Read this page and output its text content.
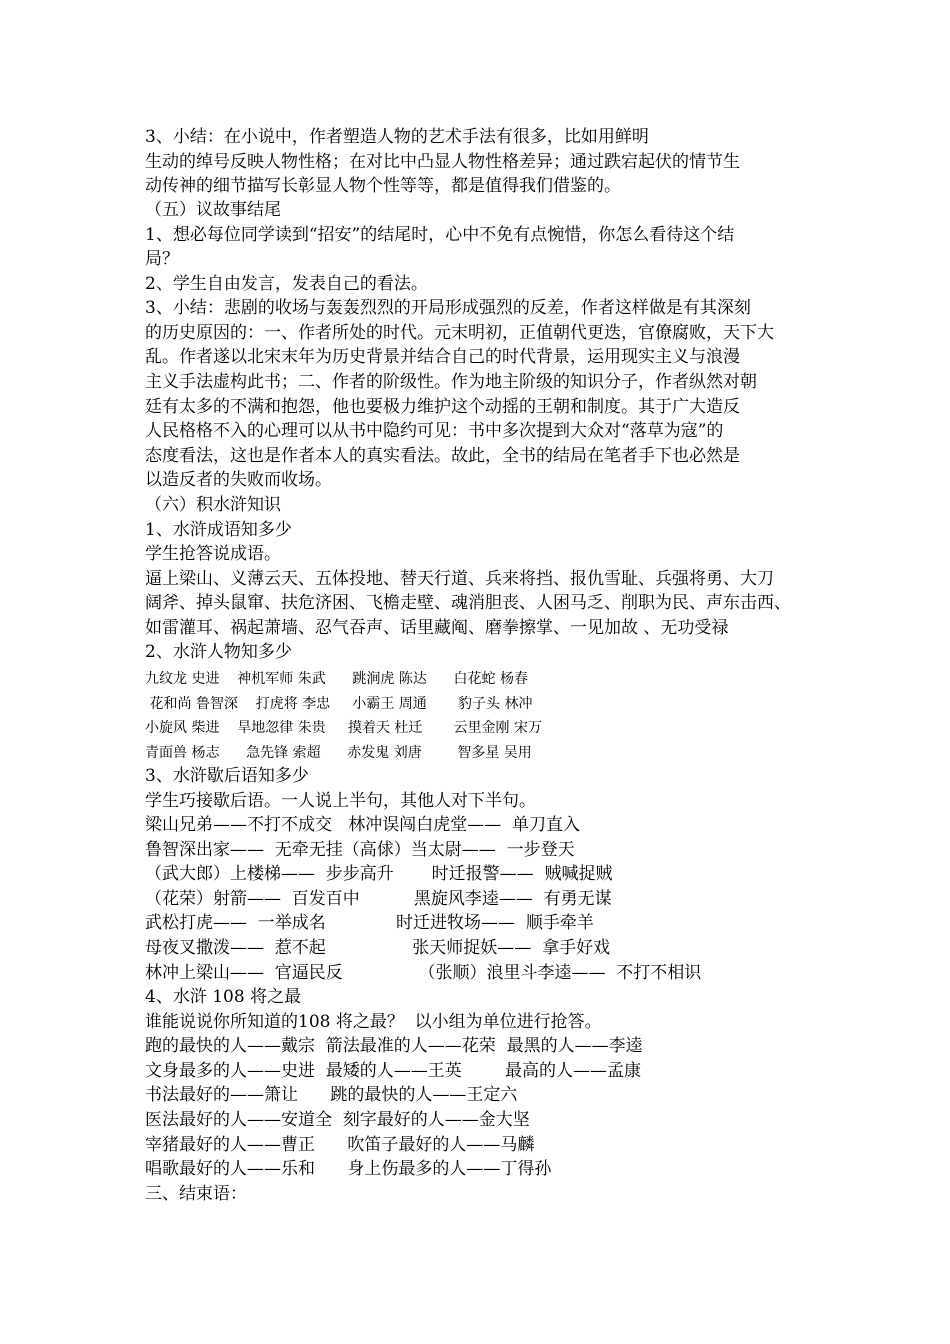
3、小结：在小说中，作者塑造人物的艺术手法有很多，比如用鲜明
生动的绰号反映人物性格；在对比中凸显人物性格差异；通过跌宕起伏的情节生
动传神的细节描写长彰显人物个性等等，都是值得我们借鉴的。
（五）议故事结尾
1、想必每位同学读到“招安”的结尾时，心中不免有点惋惜，你怎么看待这个结
局？
2、学生自由发言，发表自己的看法。
3、小结：悲剧的收场与轰轰烈烈的开局形成强烈的反差，作者这样做是有其深刻
的历史原因的：一、作者所处的时代。元末明初，正值朝代更迭，官僚腐败，天下大
乱。作者遂以北宋末年为历史背景并结合自己的时代背景，运用现实主义与浪漫
主义手法虚构此书；二、作者的阶级性。作为地主阶级的知识分子，作者纵然对朝
廷有太多的不满和抱怨，他也要极力维护这个动摇的王朝和制度。其于广大造反
人民格格不入的心理可以从书中隐约可见：书中多次提到大众对“落草为寇”的
态度看法，这也是作者本人的真实看法。故此，全书的结局在笔者手下也必然是
以造反者的失败而收场。
（六）积水浒知识
1、水浒成语知多少
学生抢答说成语。
逼上梁山、义薄云天、五体投地、替天行道、兵来将挡、报仇雪耻、兵强将勇、大刀
阔斧、掉头鼠窜、扶危济困、飞檐走壁、魂消胆丧、人困马乏、削职为民、声东击西、
如雷灌耳、祸起萧墙、忍气吞声、话里藏阄、磨拳擦掌、一见加故 、无功受禄
2、水浒人物知多少
九纹龙 史进    神机军师 朱武      跳涧虎 陈达      白花蛇 杨春
花和尚 鲁智深    打虎将 李忠     小霸王 周通       豹子头 林冲
小旋风 柴进    旱地忽律 朱贵     摸着天 杜迁       云里金刚 宋万
青面兽 杨志      急先锋 索超      赤发鬼 刘唐        智多星 吴用
3、水浒歇后语知多少
学生巧接歇后语。一人说上半句，其他人对下半句。
梁山兄弟——不打不成交   林冲误闯白虎堂——  单刀直入
鲁智深出家——  无牵无挂（高俅）当太尉——  一步登天
（武大郎）上楼梯——  步步高升       时迁报警——  贼喊捉贼
（花荣）射箭——  百发百中          黑旋风李逵——  有勇无谋
武松打虎——  一举成名             时迁进牧场——  顺手牵羊
母夜叉撒泼——  惹不起                张天师捉妖——  拿手好戏
林冲上梁山——  官逼民反              （张顺）浪里斗李逵——  不打不相识
4、水浒 108 将之最
谁能说说你所知道的108 将之最？  以小组为单位进行抢答。
跑的最快的人——戴宗  箭法最准的人——花荣  最黑的人——李逵
文身最多的人——史进  最矮的人——王英        最高的人——孟康
书法最好的——箫让      跳的最快的人——王定六
医法最好的人——安道全  刻字最好的人——金大坚
宰猪最好的人——曹正      吹笛子最好的人——马麟
唱歌最好的人——乐和      身上伤最多的人——丁得孙
三、结束语：
